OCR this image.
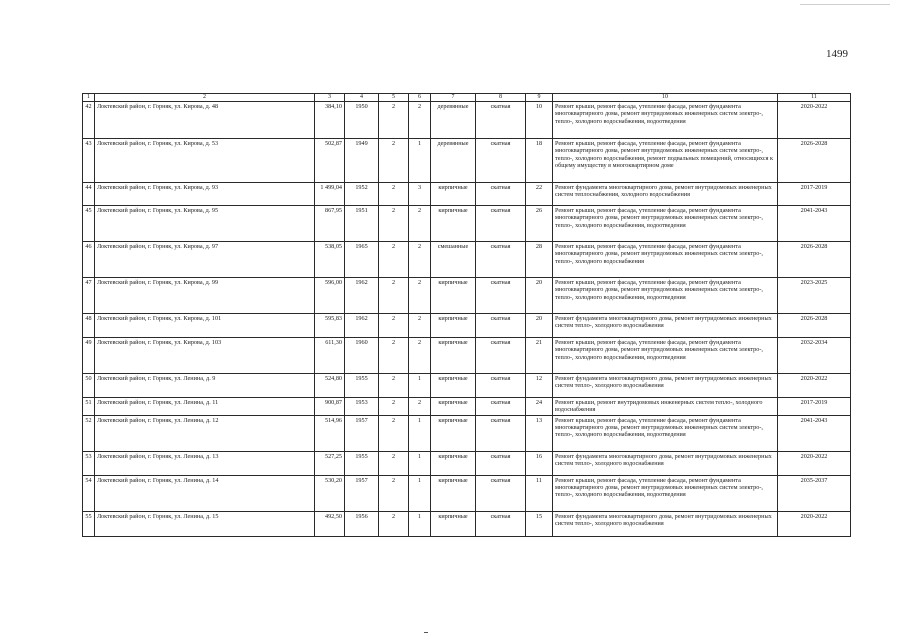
1499
1	2	3	4	5	6	7	8	9	10	11
42	Локтевский район, г. Горняк, ул. Кирова, д. 48	384,10	1950	2	2	деревянные	скатная	10	Ремонт крыши, ремонт фасада, утепление фасада, ремонт фундамента многоквартирного дома, ремонт внутридомовых инженерных систем электро-, тепло-, холодного водоснабжения, водоотведения	2020-2022
43	Локтевский район, г. Горняк, ул. Кирова, д. 53	502,87	1949	2	1	деревянные	скатная	18	Ремонт крыши, ремонт фасада, утепление фасада, ремонт фундамента многоквартирного дома, ремонт внутридомовых инженерных систем электро-, тепло-, холодного водоснабжения, ремонт подвальных помещений, относящихся к общему имуществу в многоквартирном доме	2026-2028
44	Локтевский район, г. Горняк, ул. Кирова, д. 93	1 499,04	1952	2	3	кирпичные	скатная	22	Ремонт фундамента многоквартирного дома, ремонт внутридомовых инженерных систем теплоснабжения, холодного водоснабжения	2017-2019
45	Локтевский район, г. Горняк, ул. Кирова, д. 95	867,95	1951	2	2	кирпичные	скатная	26	Ремонт крыши, ремонт фасада, утепление фасада, ремонт фундамента многоквартирного дома, ремонт внутридомовых инженерных систем электро-, тепло-, холодного водоснабжения, водоотведения	2041-2043
46	Локтевский район, г. Горняк, ул. Кирова, д. 97	538,05	1965	2	2	смешанные	скатная	28	Ремонт крыши, ремонт фасада, утепление фасада, ремонт фундамента многоквартирного дома, ремонт внутридомовых инженерных систем электро-, тепло-, холодного водоснабжения	2026-2028
47	Локтевский район, г. Горняк, ул. Кирова, д. 99	596,00	1962	2	2	кирпичные	скатная	20	Ремонт крыши, ремонт фасада, утепление фасада, ремонт фундамента многоквартирного дома, ремонт внутридомовых инженерных систем электро-, тепло-, холодного водоснабжения, водоотведения	2023-2025
48	Локтевский район, г. Горняк, ул. Кирова, д. 101	595,83	1962	2	2	кирпичные	скатная	20	Ремонт фундамента многоквартирного дома, ремонт внутридомовых инженерных систем тепло-, холодного водоснабжения	2026-2028
49	Локтевский район, г. Горняк, ул. Кирова, д. 103	611,30	1960	2	2	кирпичные	скатная	21	Ремонт крыши, ремонт фасада, утепление фасада, ремонт фундамента многоквартирного дома, ремонт внутридомовых инженерных систем электро-, тепло-, холодного водоснабжения, водоотведения	2032-2034
50	Локтевский район, г. Горняк, ул. Ленина, д. 9	524,80	1955	2	1	кирпичные	скатная	12	Ремонт фундамента многоквартирного дома, ремонт внутридомовых инженерных систем тепло-, холодного водоснабжения	2020-2022
51	Локтевский район, г. Горняк, ул. Ленина, д. 11	900,87	1953	2	2	кирпичные	скатная	24	Ремонт крыши, ремонт внутридомовых инженерных систем тепло-, холодного водоснабжения	2017-2019
52	Локтевский район, г. Горняк, ул. Ленина, д. 12	514,96	1957	2	1	кирпичные	скатная	13	Ремонт крыши, ремонт фасада, утепление фасада, ремонт фундамента многоквартирного дома, ремонт внутридомовых инженерных систем электро-, тепло-, холодного водоснабжения, водоотведения	2041-2043
53	Локтевский район, г. Горняк, ул. Ленина, д. 13	527,25	1955	2	1	кирпичные	скатная	16	Ремонт фундамента многоквартирного дома, ремонт внутридомовых инженерных систем тепло-, холодного водоснабжения	2020-2022
54	Локтевский район, г. Горняк, ул. Ленина, д. 14	530,20	1957	2	1	кирпичные	скатная	11	Ремонт крыши, ремонт фасада, утепление фасада, ремонт фундамента многоквартирного дома, ремонт внутридомовых инженерных систем электро-, тепло-, холодного водоснабжения, водоотведения	2035-2037
55	Локтевский район, г. Горняк, ул. Ленина, д. 15	492,50	1956	2	1	кирпичные	скатная	15	Ремонт фундамента многоквартирного дома, ремонт внутридомовых инженерных систем тепло-, холодного водоснабжения	2020-2022
